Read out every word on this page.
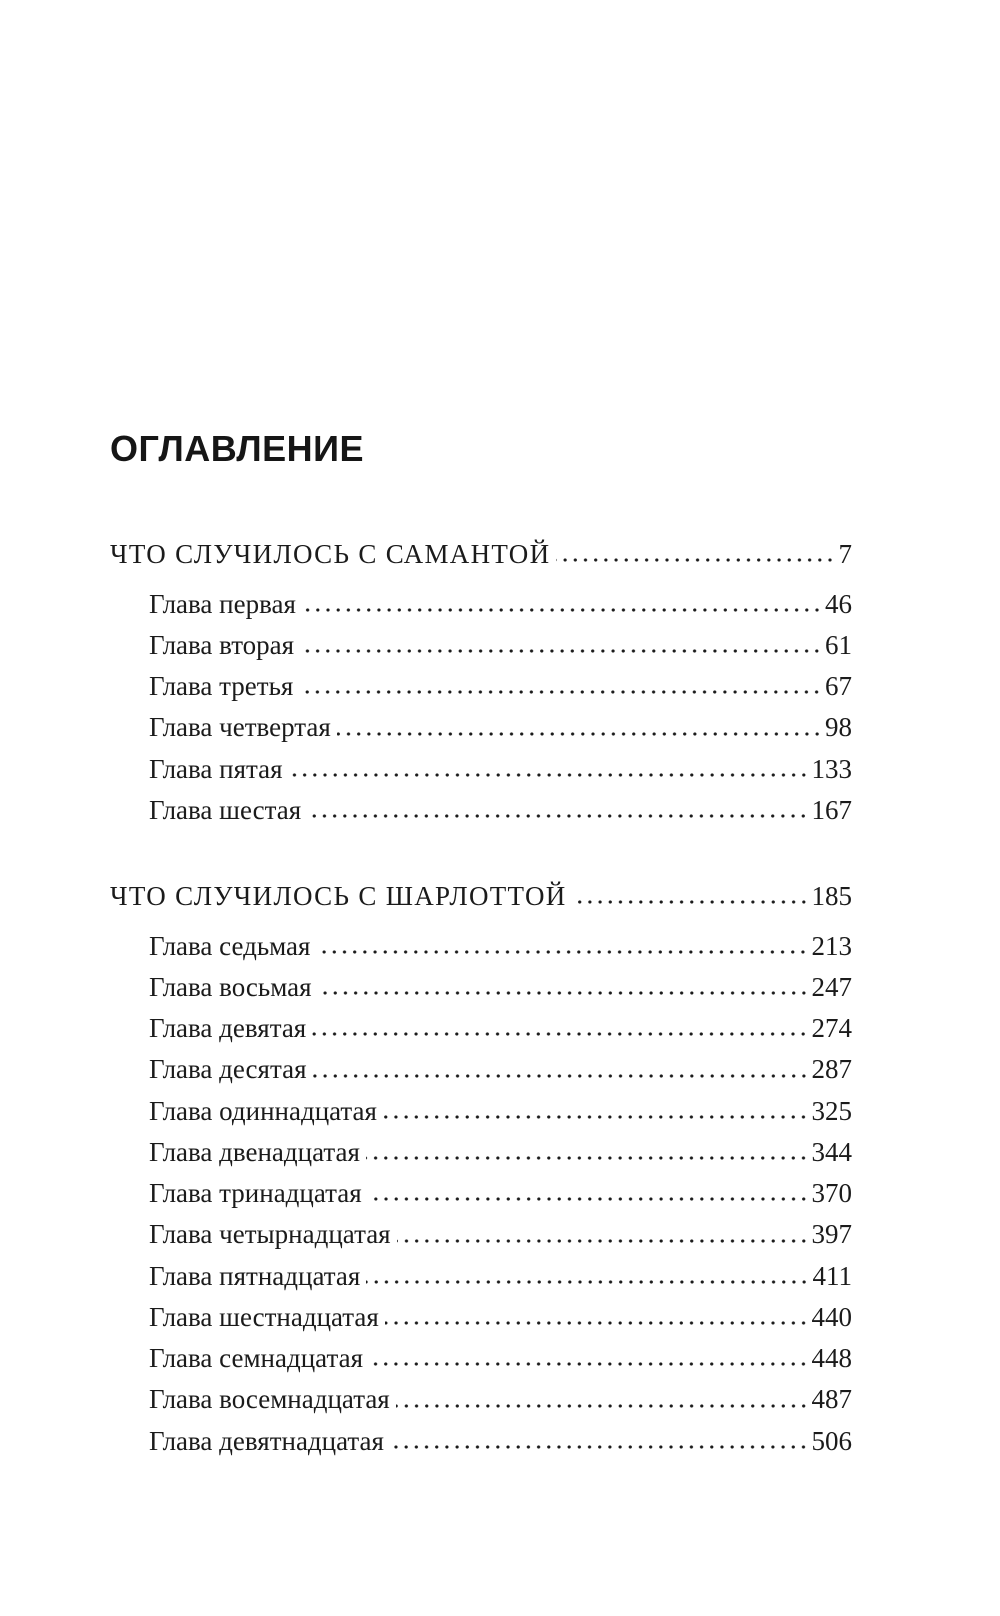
ОГЛАВЛЕНИЕ
ЧТО СЛУЧИЛОСЬ С САМАНТОЙ	7
Глава первая	46
Глава вторая	61
Глава третья	67
Глава четвертая	98
Глава пятая	133
Глава шестая	167
ЧТО СЛУЧИЛОСЬ С ШАРЛОТТОЙ	185
Глава седьмая	213
Глава восьмая	247
Глава девятая	274
Глава десятая	287
Глава одиннадцатая	325
Глава двенадцатая	344
Глава тринадцатая	370
Глава четырнадцатая	397
Глава пятнадцатая	411
Глава шестнадцатая	440
Глава семнадцатая	448
Глава восемнадцатая	487
Глава девятнадцатая	506
